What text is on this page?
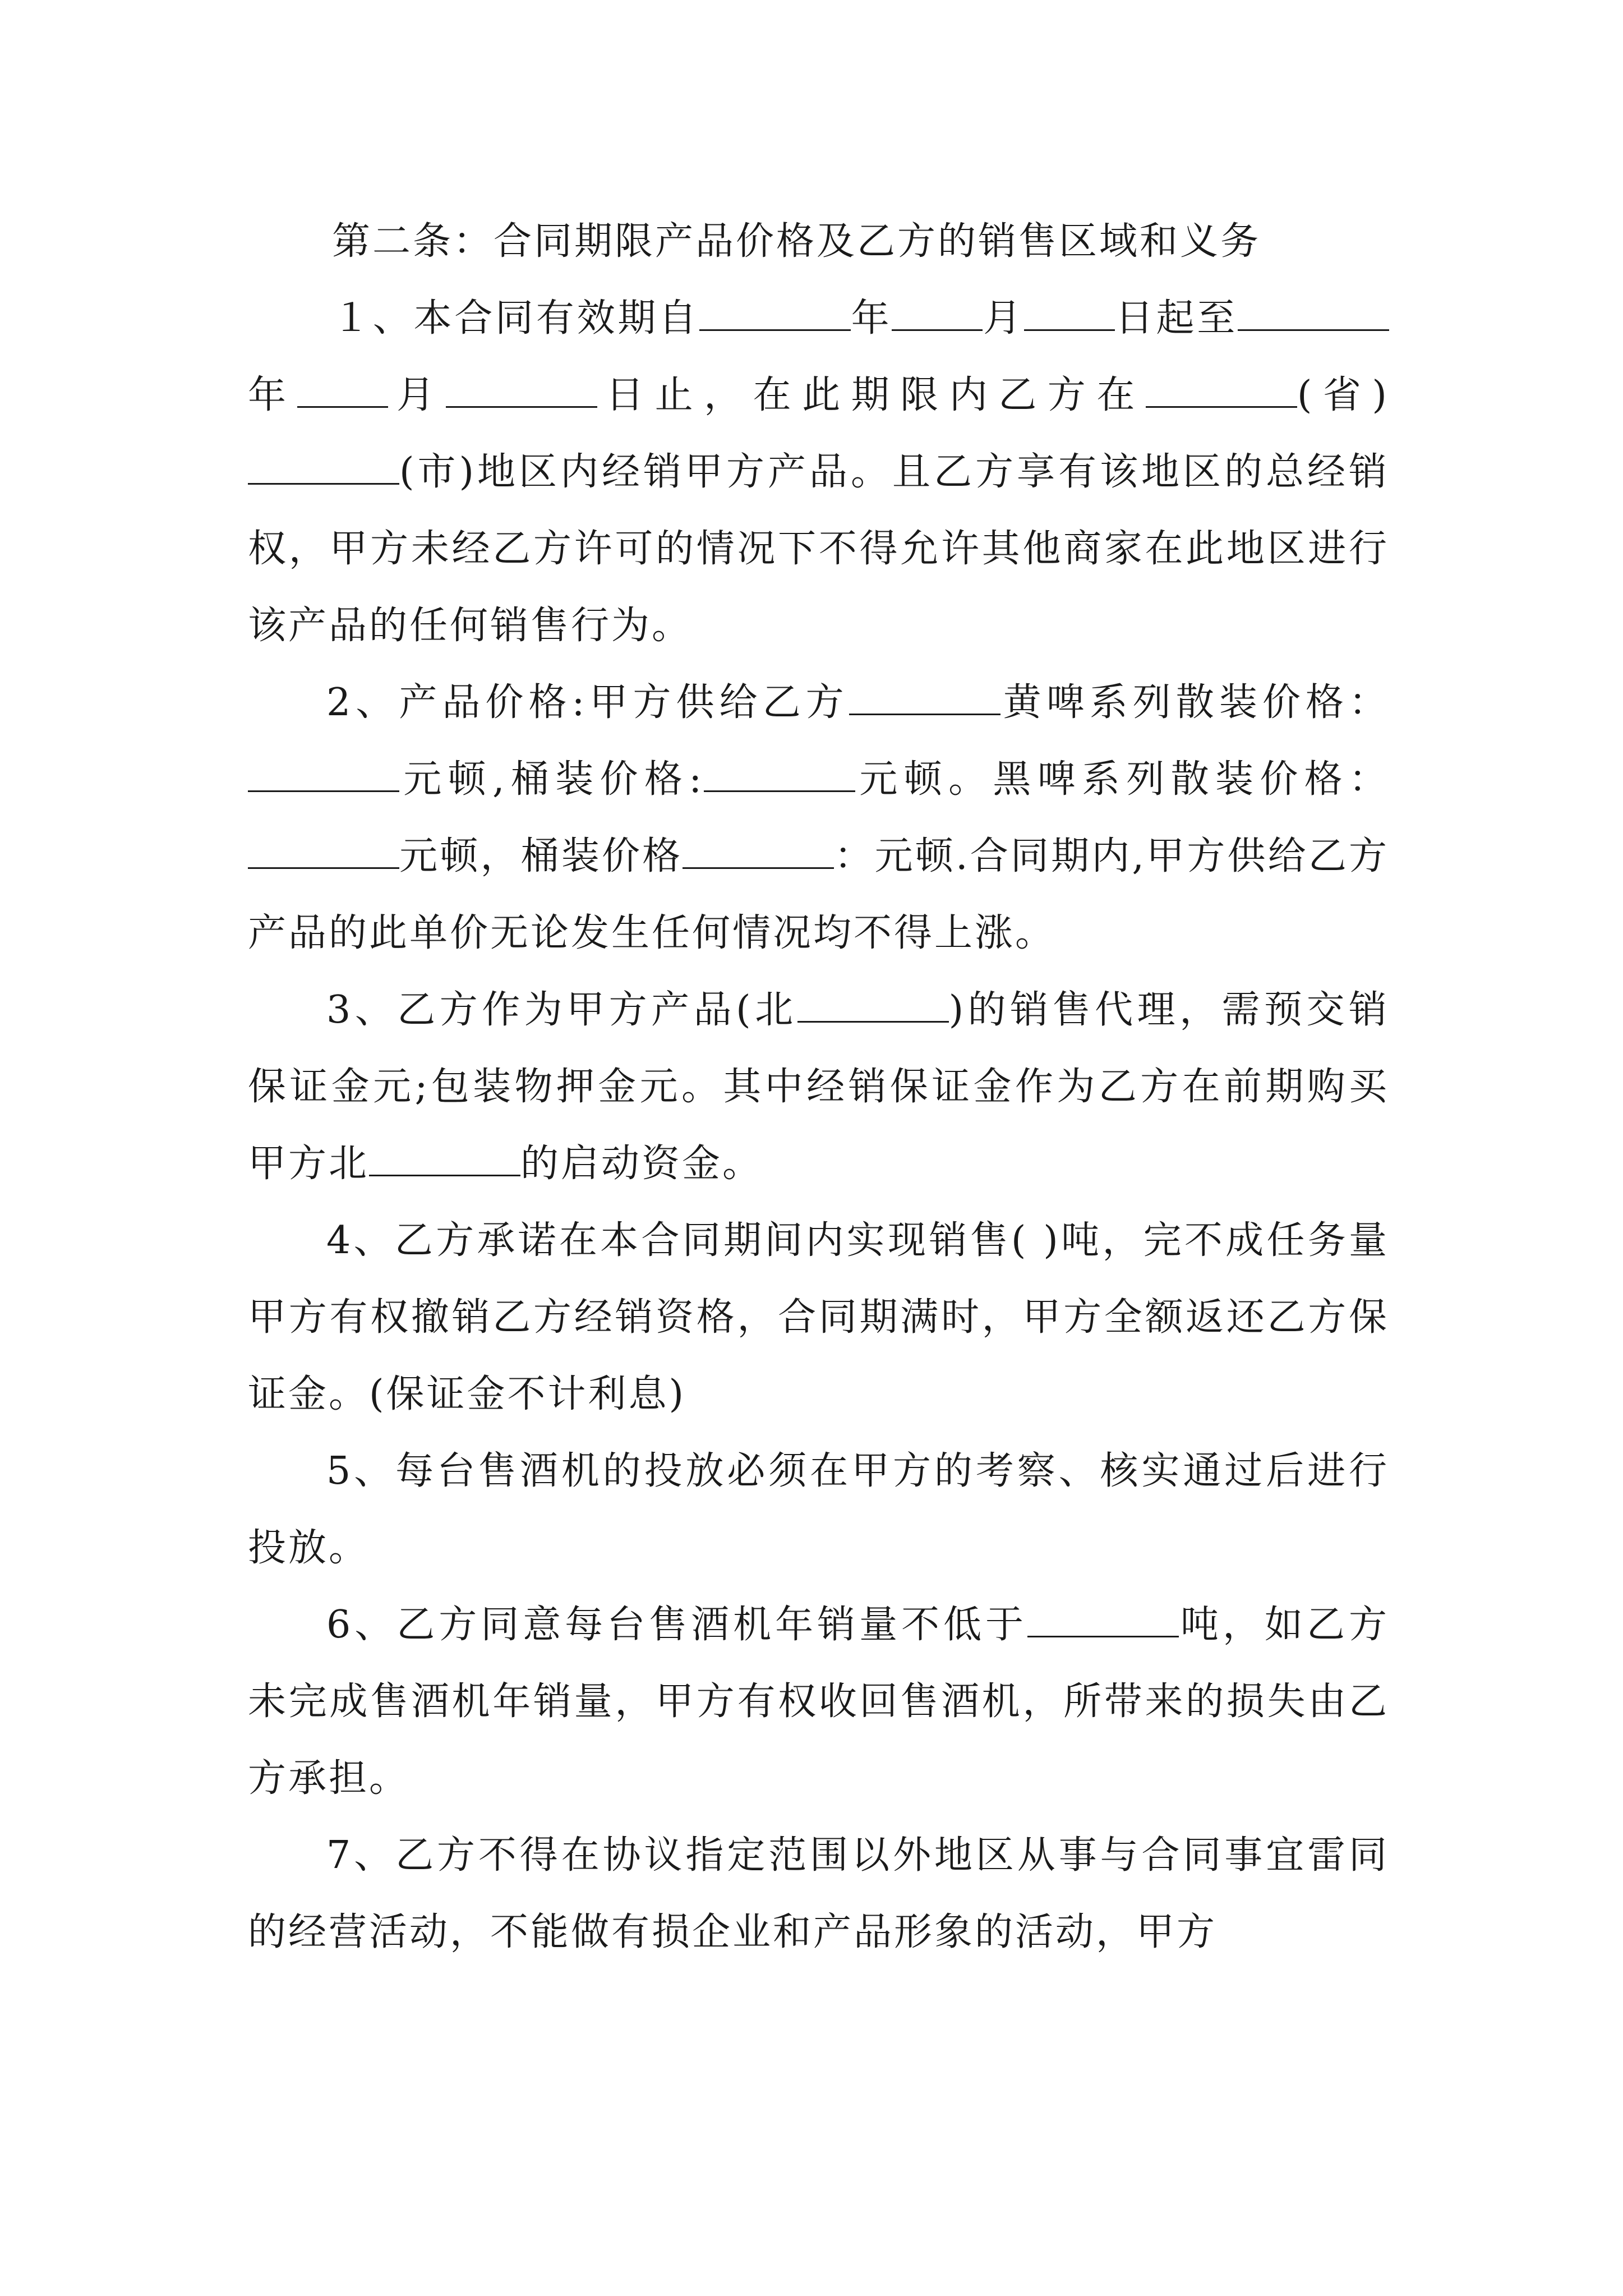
第二条：合同期限产品价格及乙方的销售区域和义务

１、本合同有效期自	年 月 日起至年 月	日止，在此期限内乙方在	(省)(市)地区内经销甲方产品。且乙方享有该地区的总经销权，甲方未经乙方许可的情况下不得允许其他商家在此地区进行该产品的任何销售行为。

2、产品价格:甲方供给乙方	黄啤系列散装价格：元顿,桶装价格:	元顿。黑啤系列散装价格：元顿，桶装价格	：元顿.合同期内,甲方供给乙方产品的此单价无论发生任何情况均不得上涨。

3、乙方作为甲方产品(北	)的销售代理，需预交销 保证金元;包装物押金元。其中经销保证金作为乙方在前期购买甲方北	的启动资金。

4、乙方承诺在本合同期间内实现销售( )吨，完不成任务量甲方有权撤销乙方经销资格，合同期满时，甲方全额返还乙方保证金。(保证金不计利息)

5、每台售酒机的投放必须在甲方的考察、核实通过后进行投放。

6、乙方同意每台售酒机年销量不低于	吨，如乙方未完成售酒机年销量，甲方有权收回售酒机，所带来的损失由乙方承担。

7、乙方不得在协议指定范围以外地区从事与合同事宜雷同的经营活动，不能做有损企业和产品形象的活动，甲方
